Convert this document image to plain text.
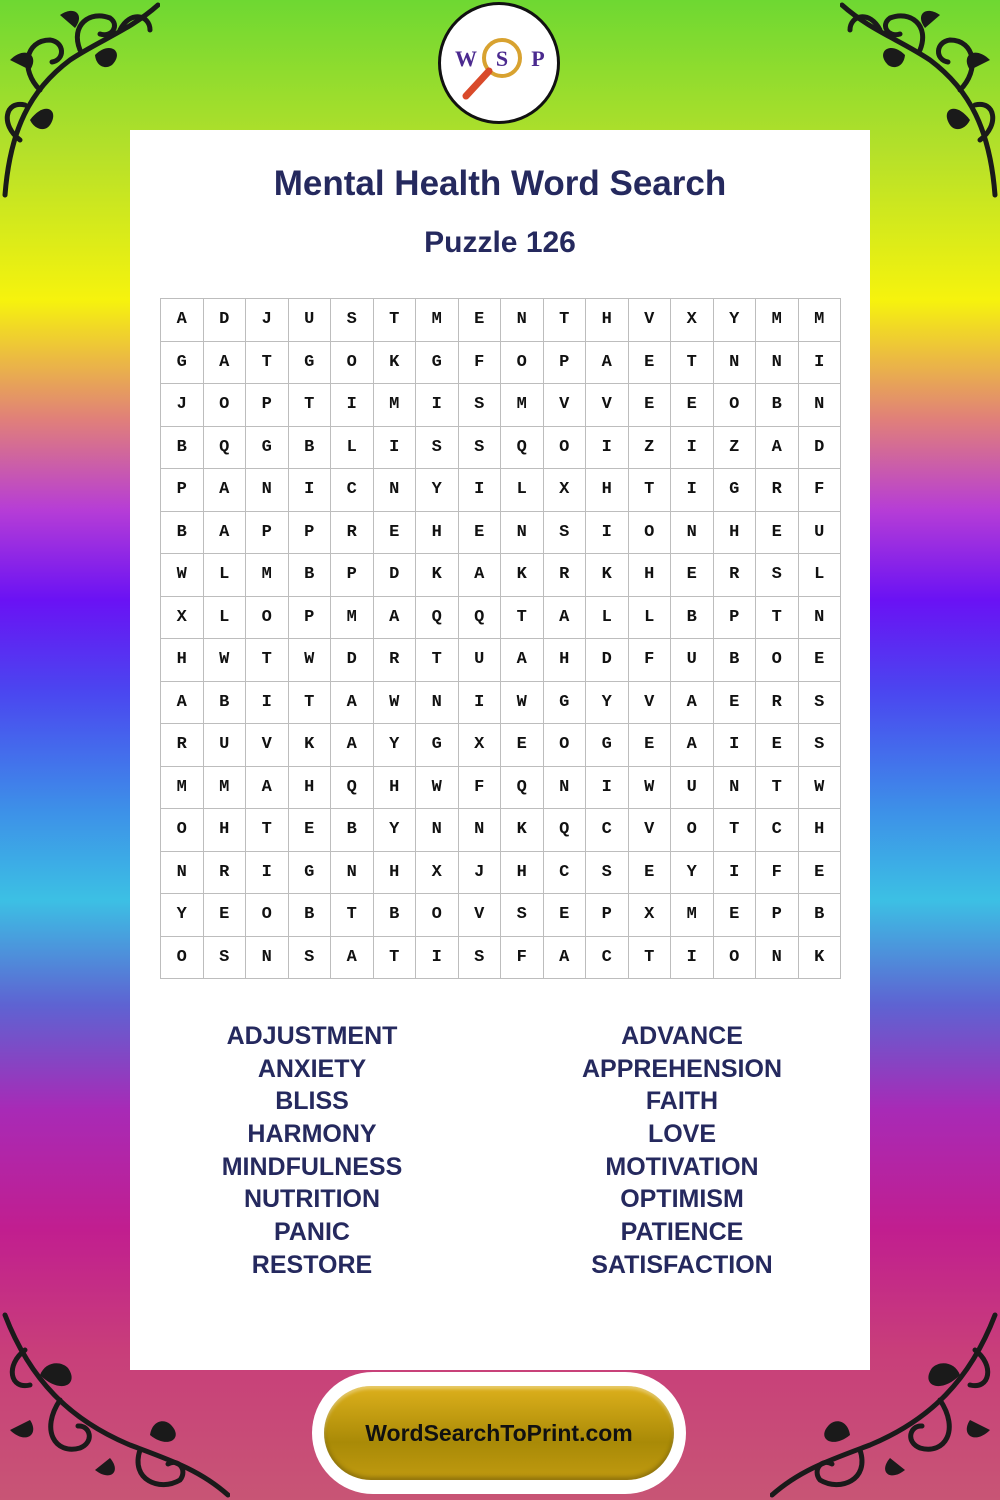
W S P
Mental Health Word Search
Puzzle 126
A	D	J	U	S	T	M	E	N	T	H	V	X	Y	M	M
G	A	T	G	O	K	G	F	O	P	A	E	T	N	N	I
J	O	P	T	I	M	I	S	M	V	V	E	E	O	B	N
B	Q	G	B	L	I	S	S	Q	O	I	Z	I	Z	A	D
P	A	N	I	C	N	Y	I	L	X	H	T	I	G	R	F
B	A	P	P	R	E	H	E	N	S	I	O	N	H	E	U
W	L	M	B	P	D	K	A	K	R	K	H	E	R	S	L
X	L	O	P	M	A	Q	Q	T	A	L	L	B	P	T	N
H	W	T	W	D	R	T	U	A	H	D	F	U	B	O	E
A	B	I	T	A	W	N	I	W	G	Y	V	A	E	R	S
R	U	V	K	A	Y	G	X	E	O	G	E	A	I	E	S
M	M	A	H	Q	H	W	F	Q	N	I	W	U	N	T	W
O	H	T	E	B	Y	N	N	K	Q	C	V	O	T	C	H
N	R	I	G	N	H	X	J	H	C	S	E	Y	I	F	E
Y	E	O	B	T	B	O	V	S	E	P	X	M	E	P	B
O	S	N	S	A	T	I	S	F	A	C	T	I	O	N	K
ADJUSTMENT	ADVANCE
ANXIETY	APPREHENSION
BLISS	FAITH
HARMONY	LOVE
MINDFULNESS	MOTIVATION
NUTRITION	OPTIMISM
PANIC	PATIENCE
RESTORE	SATISFACTION
WordSearchToPrint.com
